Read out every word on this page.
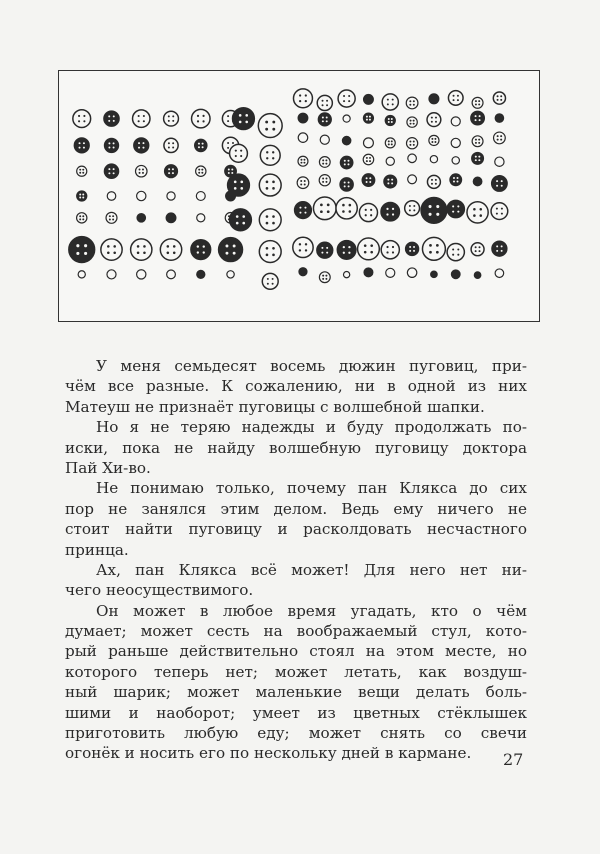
У меня семьдесят восемь дюжин пуговиц, при-
чём все разные. К сожалению, ни в одной из них
Матеуш не признаёт пуговицы с волшебной шапки.
Но я не теряю надежды и буду продолжать по-
иски, пока не найду волшебную пуговицу доктора
Пай Хи-во.
Не понимаю только, почему пан Клякса до сих
пор не занялся этим делом. Ведь ему ничего не
стоит найти пуговицу и расколдовать несчастного
принца.
Ах, пан Клякса всё может! Для него нет ни-
чего неосуществимого.
Он может в любое время угадать, кто о чём
думает; может сесть на воображаемый стул, кото-
рый раньше действительно стоял на этом месте, но
которого теперь нет; может летать, как воздуш-
ный шарик; может маленькие вещи делать боль-
шими и наоборот; умеет из цветных стёклышек
приготовить любую еду; может снять со свечи
огонёк и носить его по нескольку дней в кармане.	27
